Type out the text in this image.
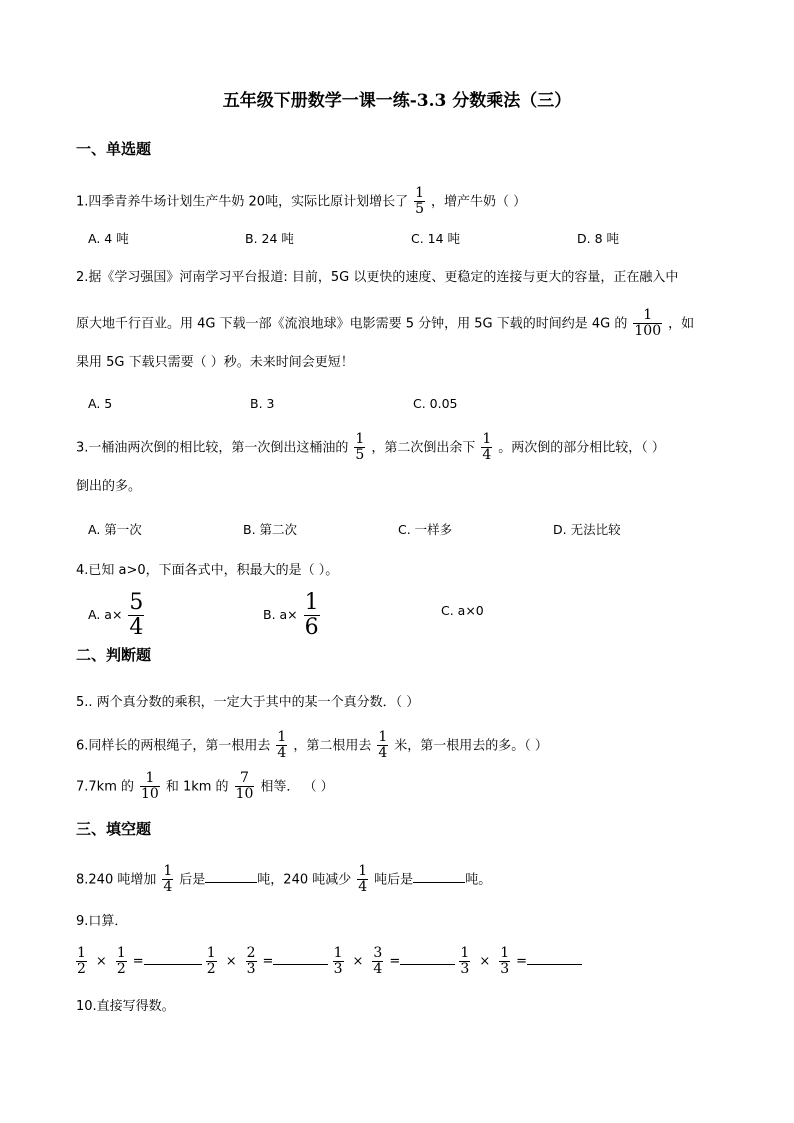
五年级下册数学一课一练-3.3 分数乘法（三）
一、单选题
1.四季青养牛场计划生产牛奶 20吨，实际比原计划增长了 $\frac{1}{5}$ ，增产牛奶（ ）
A. 4 吨	B. 24 吨	C. 14 吨	D. 8 吨
2.据《学习强国》河南学习平台报道: 目前，5G 以更快的速度、更稳定的连接与更大的容量，正在融入中
原大地千行百业。用 4G 下载一部《流浪地球》电影需要 5 分钟，用 5G 下载的时间约是 4G 的 $\frac{1}{100}$ ，如
果用 5G 下载只需要（ ）秒。未来时间会更短！
A. 5	B. 3	C. 0.05
3.一桶油两次倒的相比较，第一次倒出这桶油的 $\frac{1}{5}$ ，第二次倒出余下 $\frac{1}{4}$ 。两次倒的部分相比较，（ ）
倒出的多。
A. 第一次	B. 第二次	C. 一样多	D. 无法比较
4.已知 a>0，下面各式中，积最大的是（ ）。
A. $a\times \frac{5}{4}$	B. $a\times \frac{1}{6}$	C. a×0
二、判断题
5.. 两个真分数的乘积，一定大于其中的某一个真分数．（ ）
6.同样长的两根绳子，第一根用去 $\frac{1}{4}$ ，第二根用去 $\frac{1}{4}$ 米，第一根用去的多。（ ）
7.7km 的 $\frac{1}{10}$ 和 1km 的 $\frac{7}{10}$ 相等． （ ）
三、填空题
8.240 吨增加 $\frac{1}{4}$ 后是	吨，240 吨减少 $\frac{1}{4}$ 吨后是	吨。
9.口算．
$\frac{1}{2} \times \frac{1}{2}$ =	$\frac{1}{2} \times \frac{2}{3}$ =	$\frac{1}{3} \times \frac{3}{4}$ =	$\frac{1}{3} \times \frac{1}{3}$ =
10.直接写得数。
